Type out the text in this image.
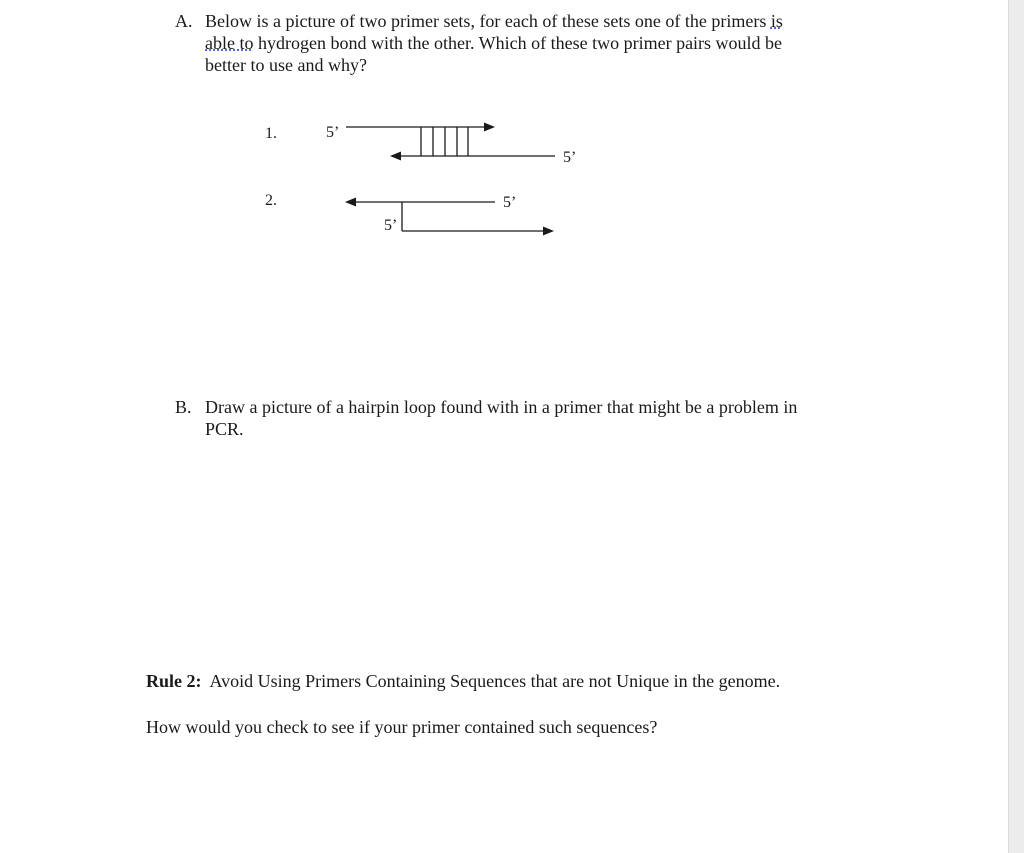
A. Below is a picture of two primer sets, for each of these sets one of the primers is
able to hydrogen bond with the other. Which of these two primer pairs would be
better to use and why?
1.	5’
5’
2.	5’
5’
B. Draw a picture of a hairpin loop found with in a primer that might be a problem in
PCR.
Rule 2:  Avoid Using Primers Containing Sequences that are not Unique in the genome.
How would you check to see if your primer contained such sequences?
